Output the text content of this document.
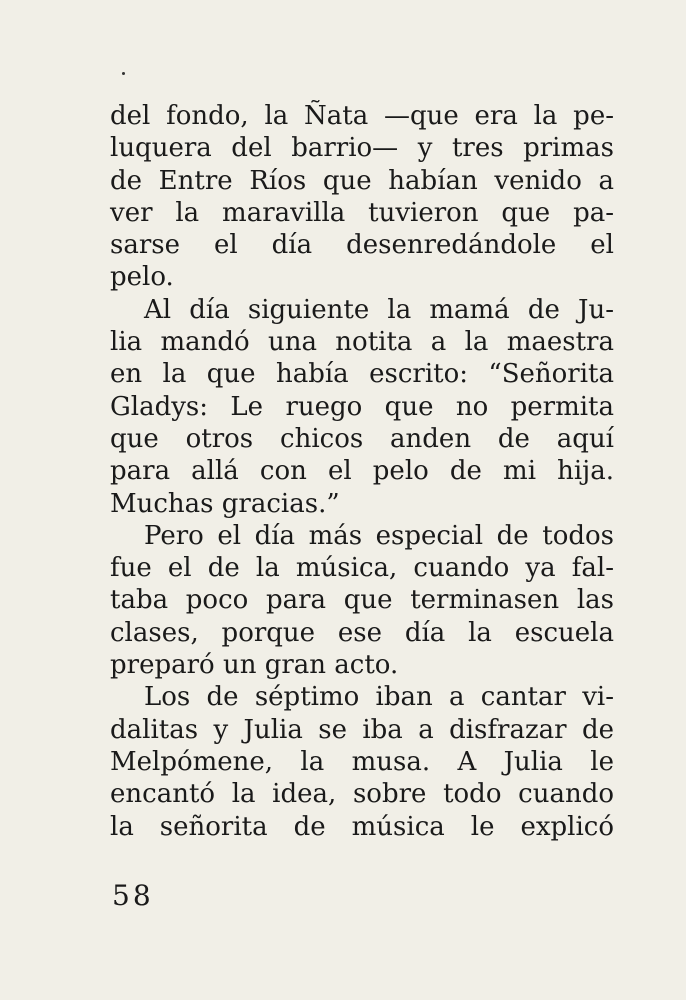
del fondo, la Ñata —que era la pe-
luquera del barrio— y tres primas
de Entre Ríos que habían venido a
ver la maravilla tuvieron que pa-
sarse el día desenredándole el
pelo.
Al día siguiente la mamá de Ju-
lia mandó una notita a la maestra
en la que había escrito: “Señorita
Gladys: Le ruego que no permita
que otros chicos anden de aquí
para allá con el pelo de mi hija.
Muchas gracias.”
Pero el día más especial de todos
fue el de la música, cuando ya fal-
taba poco para que terminasen las
clases, porque ese día la escuela
preparó un gran acto.
Los de séptimo iban a cantar vi-
dalitas y Julia se iba a disfrazar de
Melpómene, la musa. A Julia le
encantó la idea, sobre todo cuando
la señorita de música le explicó
58
